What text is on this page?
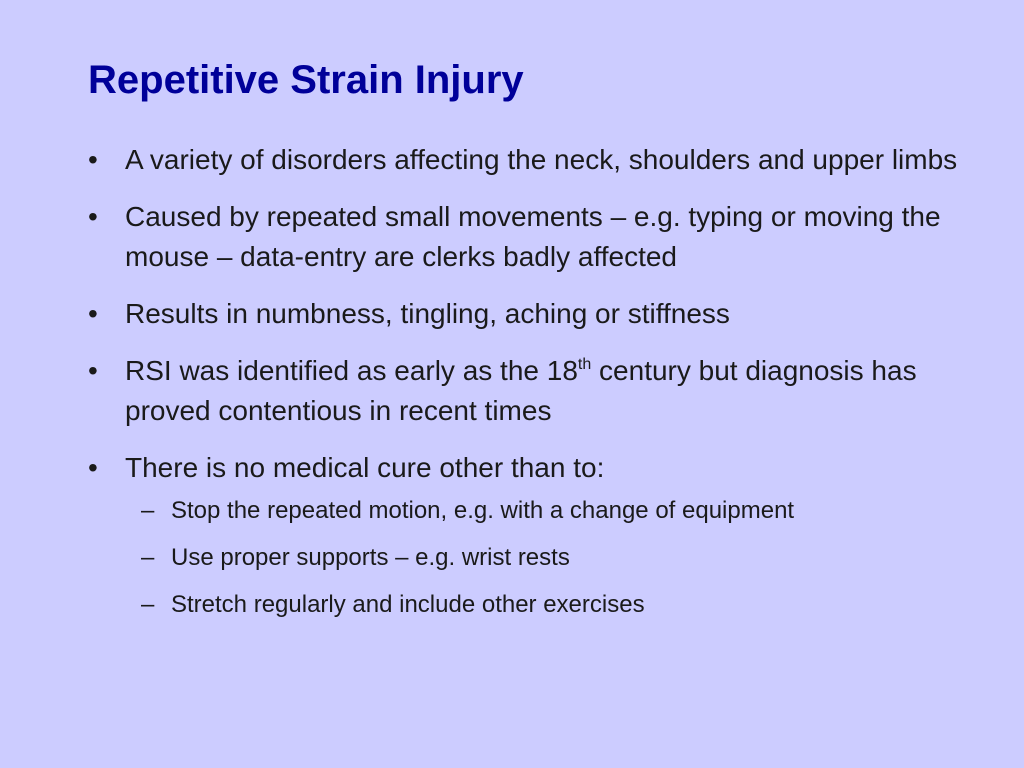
Repetitive Strain Injury
• A variety of disorders affecting the neck, shoulders and upper limbs
• Caused by repeated small movements – e.g. typing or moving the mouse – data-entry are clerks badly affected
• Results in numbness, tingling, aching or stiffness
• RSI was identified as early as the 18th century but diagnosis has proved contentious in recent times
• There is no medical cure other than to:
– Stop the repeated motion, e.g. with a change of equipment
– Use proper supports – e.g. wrist rests
– Stretch regularly and include other exercises
